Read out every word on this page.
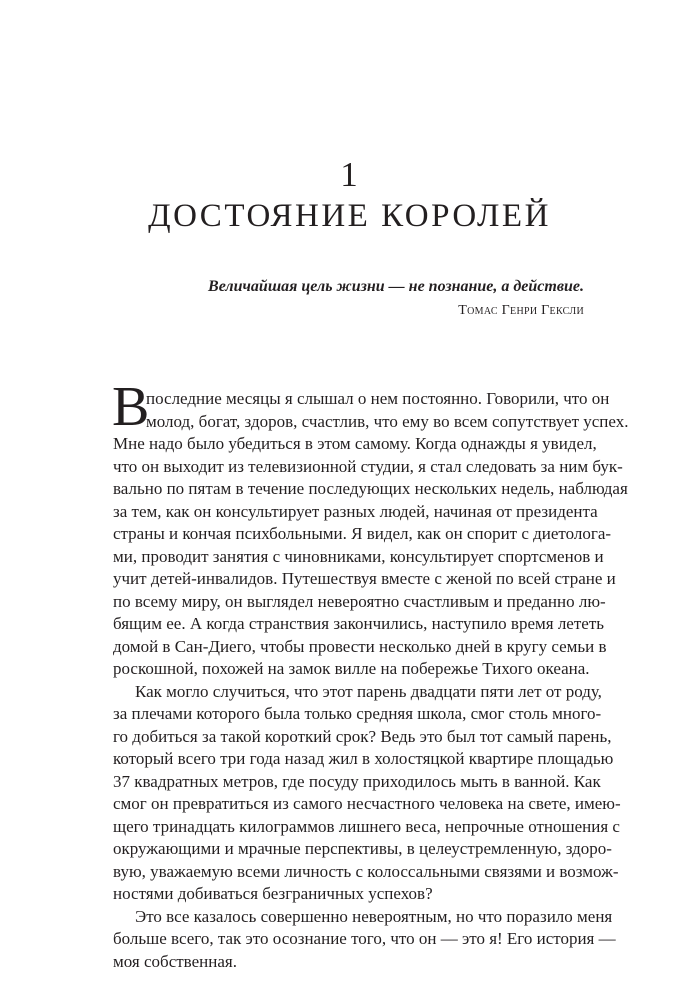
1
ДОСТОЯНИЕ КОРОЛЕЙ
Величайшая цель жизни — не познание, а действие.
Томас Генри Гексли
В
последние месяцы я слышал о нем постоянно. Говорили, что он
молод, богат, здоров, счастлив, что ему во всем сопутствует успех.
Мне надо было убедиться в этом самому. Когда однажды я увидел,
что он выходит из телевизионной студии, я стал следовать за ним бук-
вально по пятам в течение последующих нескольких недель, наблюдая
за тем, как он консультирует разных людей, начиная от президента
страны и кончая психбольными. Я видел, как он спорит с диетолога-
ми, проводит занятия с чиновниками, консультирует спортсменов и
учит детей-инвалидов. Путешествуя вместе с женой по всей стране и
по всему миру, он выглядел невероятно счастливым и преданно лю-
бящим ее. А когда странствия закончились, наступило время лететь
домой в Сан-Диего, чтобы провести несколько дней в кругу семьи в
роскошной, похожей на замок вилле на побережье Тихого океана.
Как могло случиться, что этот парень двадцати пяти лет от роду,
за плечами которого была только средняя школа, смог столь много-
го добиться за такой короткий срок? Ведь это был тот самый парень,
который всего три года назад жил в холостяцкой квартире площадью
37 квадратных метров, где посуду приходилось мыть в ванной. Как
смог он превратиться из самого несчастного человека на свете, имею-
щего тринадцать килограммов лишнего веса, непрочные отношения с
окружающими и мрачные перспективы, в целеустремленную, здоро-
вую, уважаемую всеми личность с колоссальными связями и возмож-
ностями добиваться безграничных успехов?
Это все казалось совершенно невероятным, но что поразило меня
больше всего, так это осознание того, что он — это я! Его история —
моя собственная.
